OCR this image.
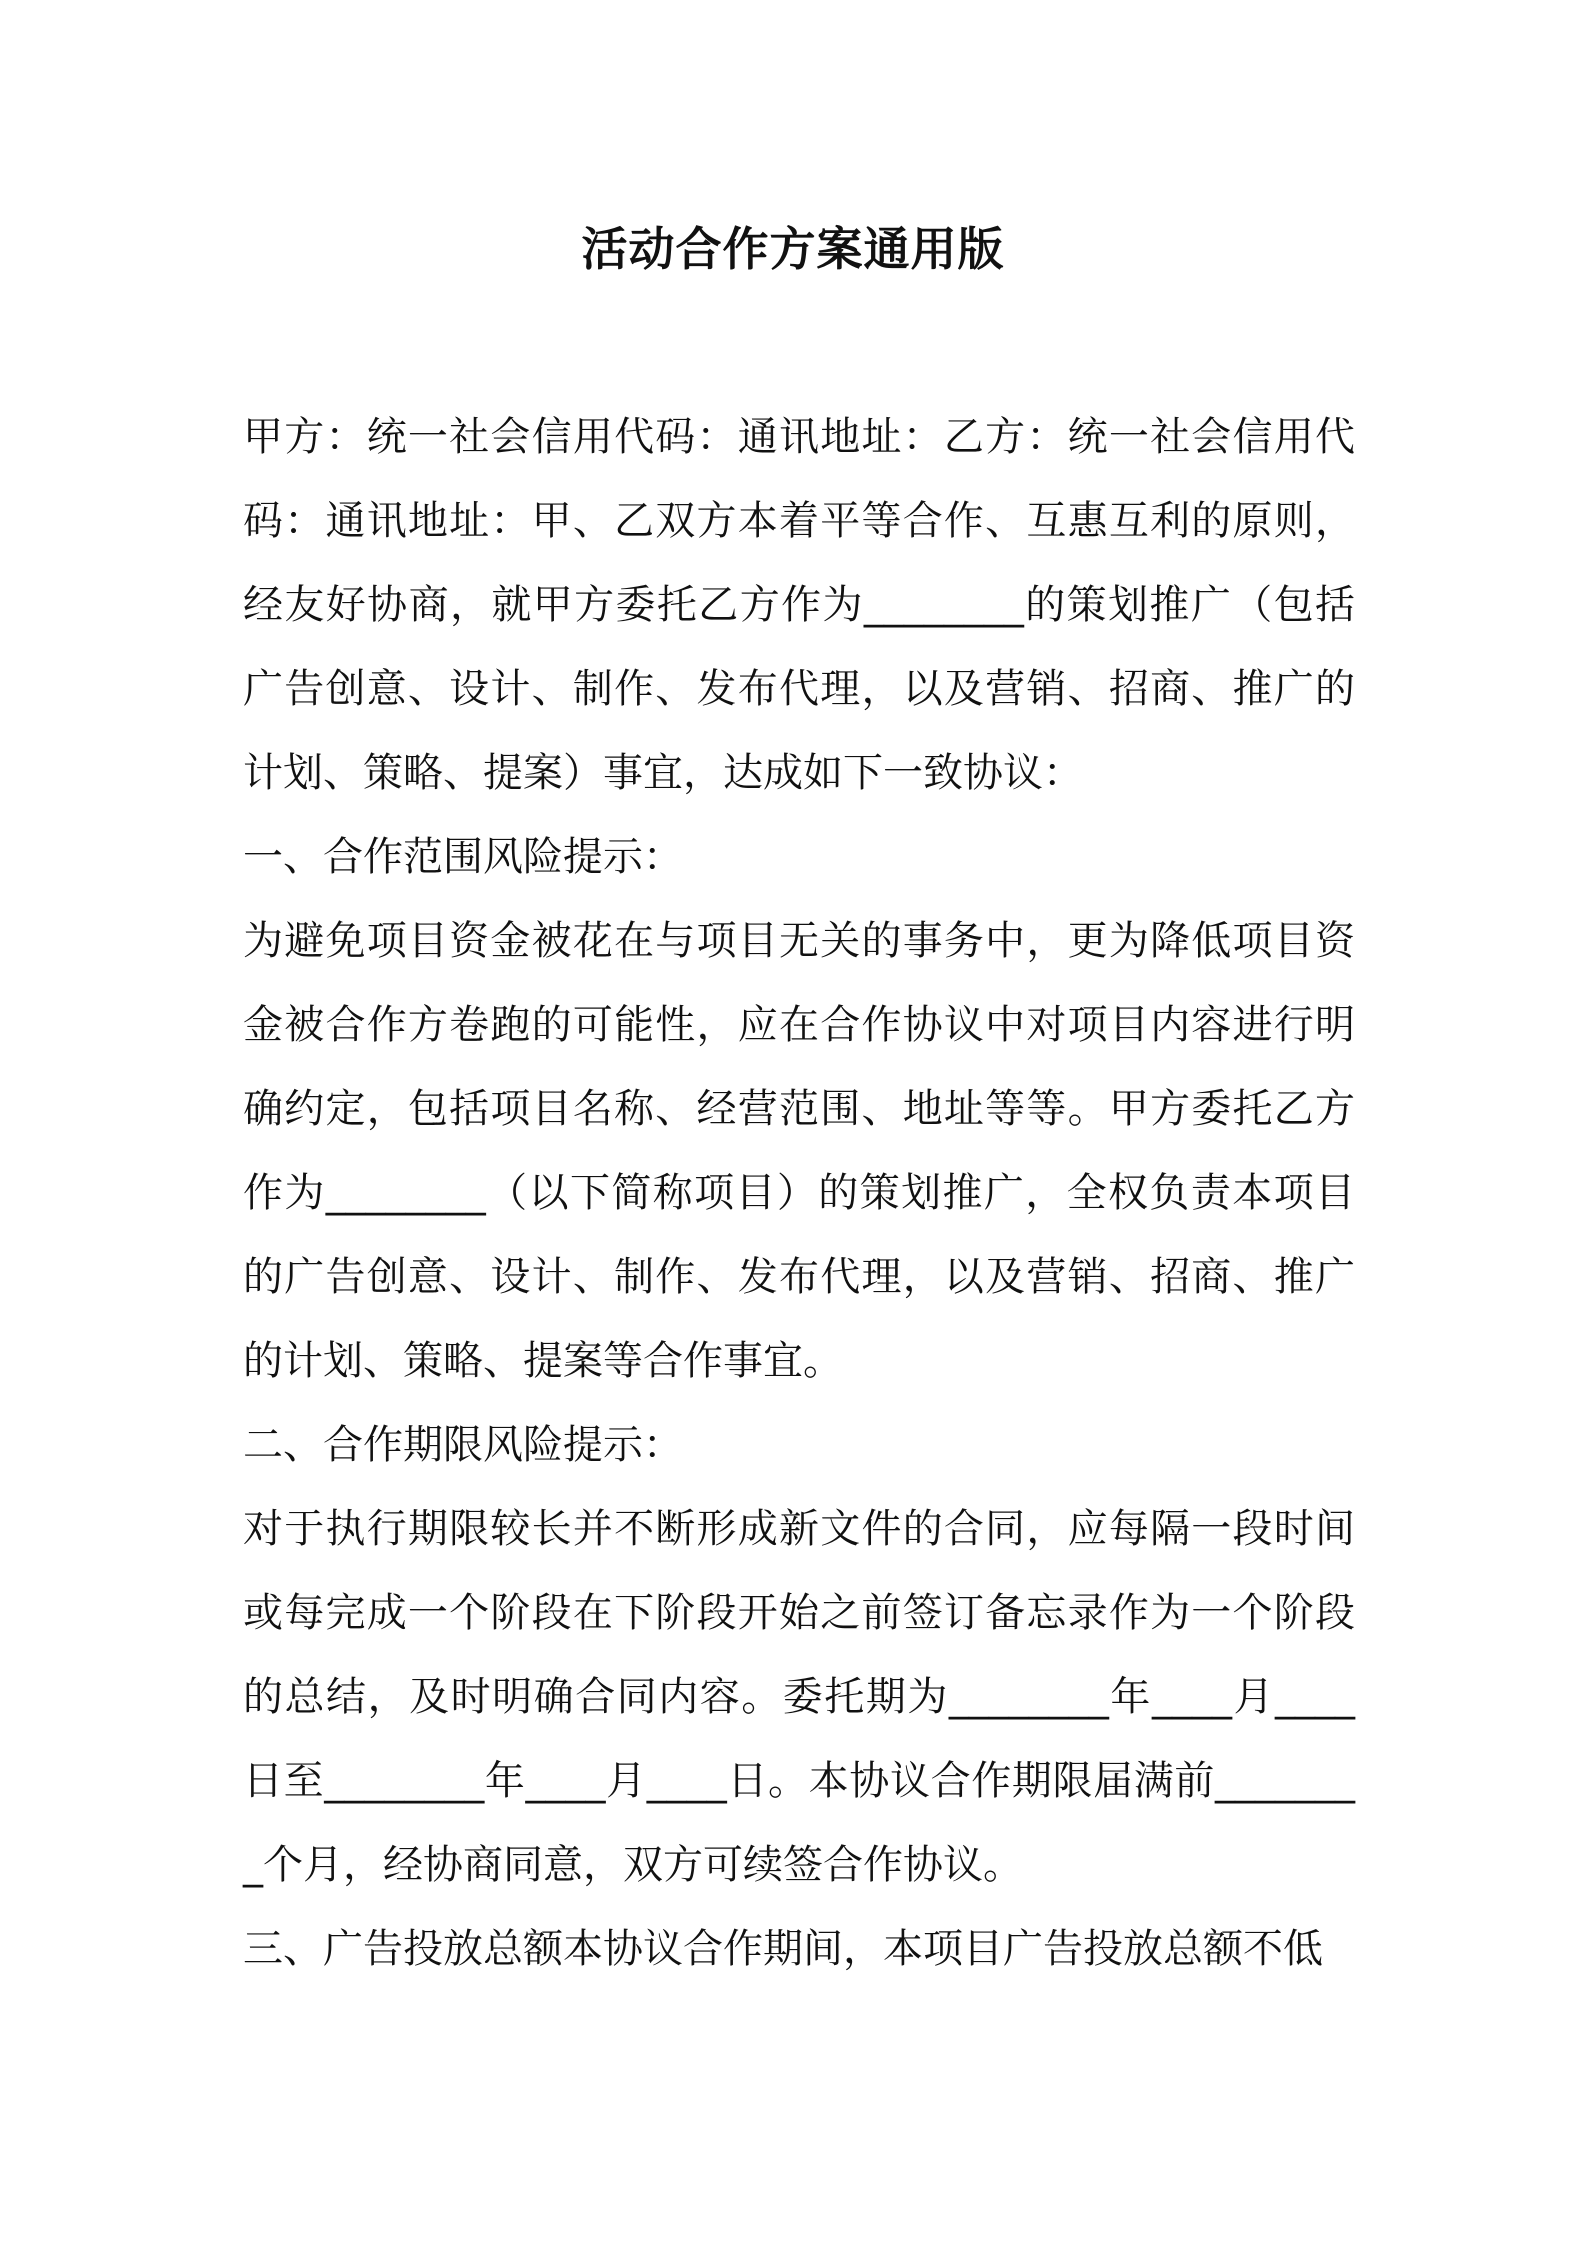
活动合作方案通用版

甲方：统一社会信用代码：通讯地址：乙方：统一社会信用代码：通讯地址：甲、乙双方本着平等合作、互惠互利的原则，经友好协商，就甲方委托乙方作为________的策划推广（包括广告创意、设计、制作、发布代理，以及营销、招商、推广的计划、策略、提案）事宜，达成如下一致协议：

一、合作范围风险提示：

为避免项目资金被花在与项目无关的事务中，更为降低项目资金被合作方卷跑的可能性，应在合作协议中对项目内容进行明确约定，包括项目名称、经营范围、地址等等。甲方委托乙方作为________（以下简称项目）的策划推广，全权负责本项目的广告创意、设计、制作、发布代理，以及营销、招商、推广的计划、策略、提案等合作事宜。

二、合作期限风险提示：

对于执行期限较长并不断形成新文件的合同，应每隔一段时间或每完成一个阶段在下阶段开始之前签订备忘录作为一个阶段的总结，及时明确合同内容。委托期为________年____月____日至________年____月____日。本协议合作期限届满前________个月，经协商同意，双方可续签合作协议。

三、广告投放总额本协议合作期间，本项目广告投放总额不低
